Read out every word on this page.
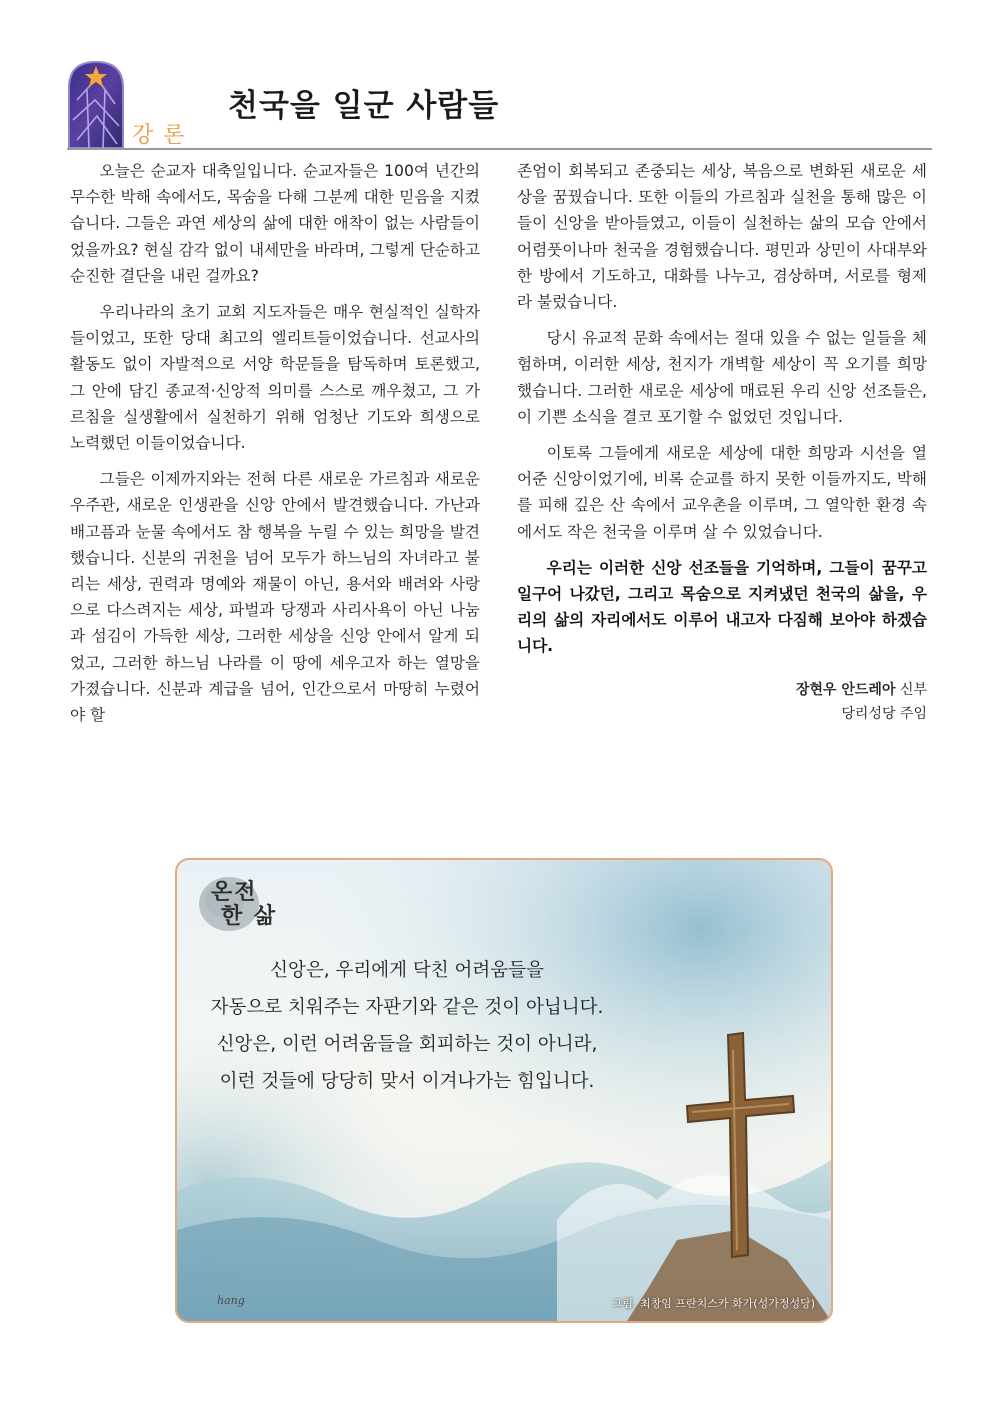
강론
천국을 일군 사람들

오늘은 순교자 대축일입니다. 순교자들은 100여 년간의 무수한 박해 속에서도, 목숨을 다해 그분께 대한 믿음을 지켰습니다. 그들은 과연 세상의 삶에 대한 애착이 없는 사람들이었을까요? 현실 감각 없이 내세만을 바라며, 그렇게 단순하고 순진한 결단을 내린 걸까요?

우리나라의 초기 교회 지도자들은 매우 현실적인 실학자들이었고, 또한 당대 최고의 엘리트들이었습니다. 선교사의 활동도 없이 자발적으로 서양 학문들을 탐독하며 토론했고, 그 안에 담긴 종교적·신앙적 의미를 스스로 깨우쳤고, 그 가르침을 실생활에서 실천하기 위해 엄청난 기도와 희생으로 노력했던 이들이었습니다.

그들은 이제까지와는 전혀 다른 새로운 가르침과 새로운 우주관, 새로운 인생관을 신앙 안에서 발견했습니다. 가난과 배고픔과 눈물 속에서도 참 행복을 누릴 수 있는 희망을 발견했습니다. 신분의 귀천을 넘어 모두가 하느님의 자녀라고 불리는 세상, 권력과 명예와 재물이 아닌, 용서와 배려와 사랑으로 다스려지는 세상, 파벌과 당쟁과 사리사욕이 아닌 나눔과 섬김이 가득한 세상, 그러한 세상을 신앙 안에서 알게 되었고, 그러한 하느님 나라를 이 땅에 세우고자 하는 열망을 가졌습니다. 신분과 계급을 넘어, 인간으로서 마땅히 누렸어야 할

존엄이 회복되고 존중되는 세상, 복음으로 변화된 새로운 세상을 꿈꿨습니다. 또한 이들의 가르침과 실천을 통해 많은 이들이 신앙을 받아들였고, 이들이 실천하는 삶의 모습 안에서 어렴풋이나마 천국을 경험했습니다. 평민과 상민이 사대부와 한 방에서 기도하고, 대화를 나누고, 겸상하며, 서로를 형제라 불렀습니다.

당시 유교적 문화 속에서는 절대 있을 수 없는 일들을 체험하며, 이러한 세상, 천지가 개벽할 세상이 꼭 오기를 희망했습니다. 그러한 새로운 세상에 매료된 우리 신앙 선조들은, 이 기쁜 소식을 결코 포기할 수 없었던 것입니다.

이토록 그들에게 새로운 세상에 대한 희망과 시선을 열어준 신앙이었기에, 비록 순교를 하지 못한 이들까지도, 박해를 피해 깊은 산 속에서 교우촌을 이루며, 그 열악한 환경 속에서도 작은 천국을 이루며 살 수 있었습니다.

우리는 이러한 신앙 선조들을 기억하며, 그들이 꿈꾸고 일구어 나갔던, 그리고 목숨으로 지켜냈던 천국의 삶을, 우리의 삶의 자리에서도 이루어 내고자 다짐해 보아야 하겠습니다.

장현우 안드레아 신부
당리성당 주임
온전
한 삶
신앙은, 우리에게 닥친 어려움들을
자동으로 치워주는 자판기와 같은 것이 아닙니다.
신앙은, 이런 어려움들을 회피하는 것이 아니라,
이런 것들에 당당히 맞서 이겨나가는 힘입니다.
hang	그림. 최창임 프란치스카 화가(성가정성당)
